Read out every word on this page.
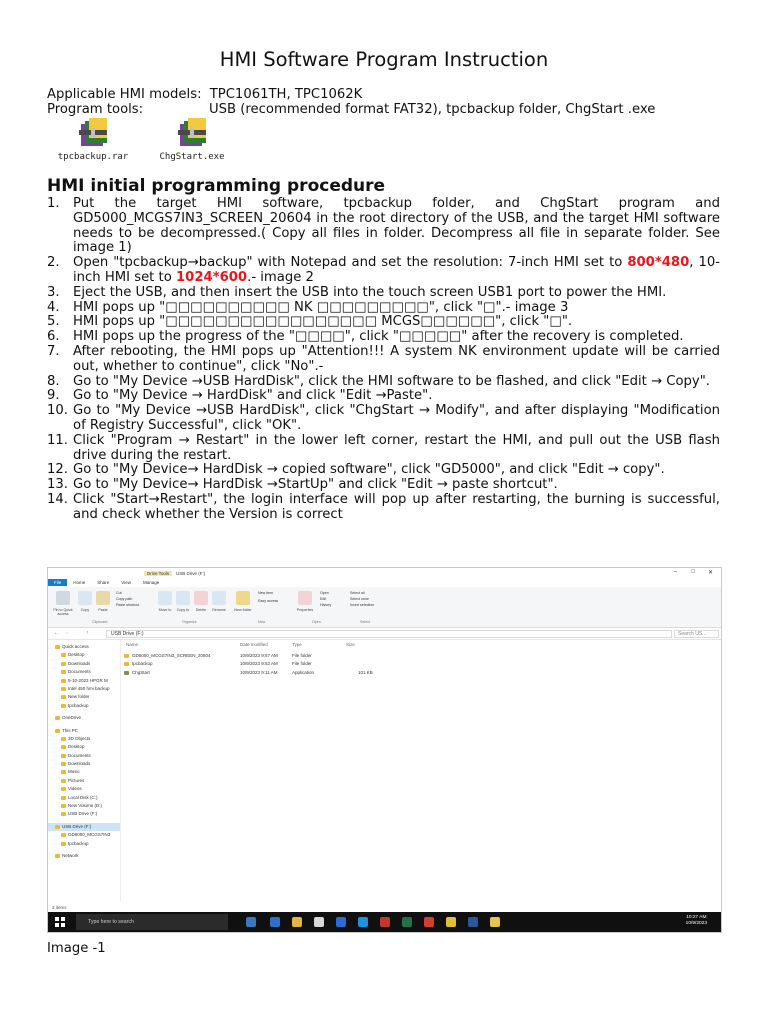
HMI Software Program Instruction
Applicable HMI models: TPC1061TH, TPC1062K
Program tools:	USB (recommended format FAT32), tpcbackup folder, ChgStart .exe
tpcbackup.rar	ChgStart.exe
HMI initial programming procedure
1. Put the target HMI software, tpcbackup folder, and ChgStart program and GD5000_MCGS7IN3_SCREEN_20604 in the root directory of the USB, and the target HMI software needs to be decompressed.( Copy all files in folder. Decompress all file in separate folder. See image 1)
2. Open "tpcbackup→backup" with Notepad and set the resolution: 7-inch HMI set to 800*480, 10-inch HMI set to 1024*600.- image 2
3. Eject the USB, and then insert the USB into the touch screen USB1 port to power the HMI.
4. HMI pops up "□□□□□□□□□□ NK □□□□□□□□□", click "□".- image 3
5. HMI pops up "□□□□□□□□□□□□□□□□□ MCGS□□□□□□", click "□".
6. HMI pops up the progress of the "□□□□", click "□□□□□" after the recovery is completed.
7. After rebooting, the HMI pops up "Attention!!! A system NK environment update will be carried out, whether to continue", click "No".-
8. Go to "My Device →USB HardDisk", click the HMI software to be flashed, and click "Edit → Copy".
9. Go to "My Device → HardDisk" and click "Edit →Paste".
10. Go to "My Device →USB HardDisk", click "ChgStart → Modify", and after displaying "Modification of Registry Successful", click "OK".
11. Click "Program → Restart" in the lower left corner, restart the HMI, and pull out the USB flash drive during the restart.
12. Go to "My Device→ HardDisk → copied software", click "GD5000", and click "Edit → copy".
13. Go to "My Device→ HardDisk →StartUp" and click "Edit → paste shortcut".
14. Click "Start→Restart", the login interface will pop up after restarting, the burning is successful, and check whether the Version is correct
Drive Tools	USB Drive (F:)	– □ ✕
File	Home	Share	View	Manage
Pin to Quick access
Copy	Paste
Cut
Copy path
Paste shortcut
Clipboard
Move to	Copy to	Delete	Rename
Organize
New folder
New item
Easy access
New
Properties
Open
Edit
History
Open
Select all
Select none
Invert selection
Select
← →	↑	USB Drive (F:)	Search US...
Quick access
Desktop
Downloads
Documents
5-10-2023 HPGR M
Intel 450 hmi backup
New folder
tpcbackup
OneDrive
This PC
3D Objects
Desktop
Documents
Downloads
Music
Pictures
Videos
Local Disk (C:)
New Volume (D:)
USB Drive (F:)
USB Drive (F:)
GD5000_MCGS7IN3
tpcbackup
Network
Name	Date modified	Type	Size
GD5000_MCGS7IN3_SCREEN_20604	10/9/2023 9:57 AM	File folder
tpcbackup	10/9/2023 9:52 AM	File folder
ChgStart	10/9/2023 9:11 AM	Application	101 KB
3 items
Type here to search
10:27 AM
10/9/2023
Image -1
